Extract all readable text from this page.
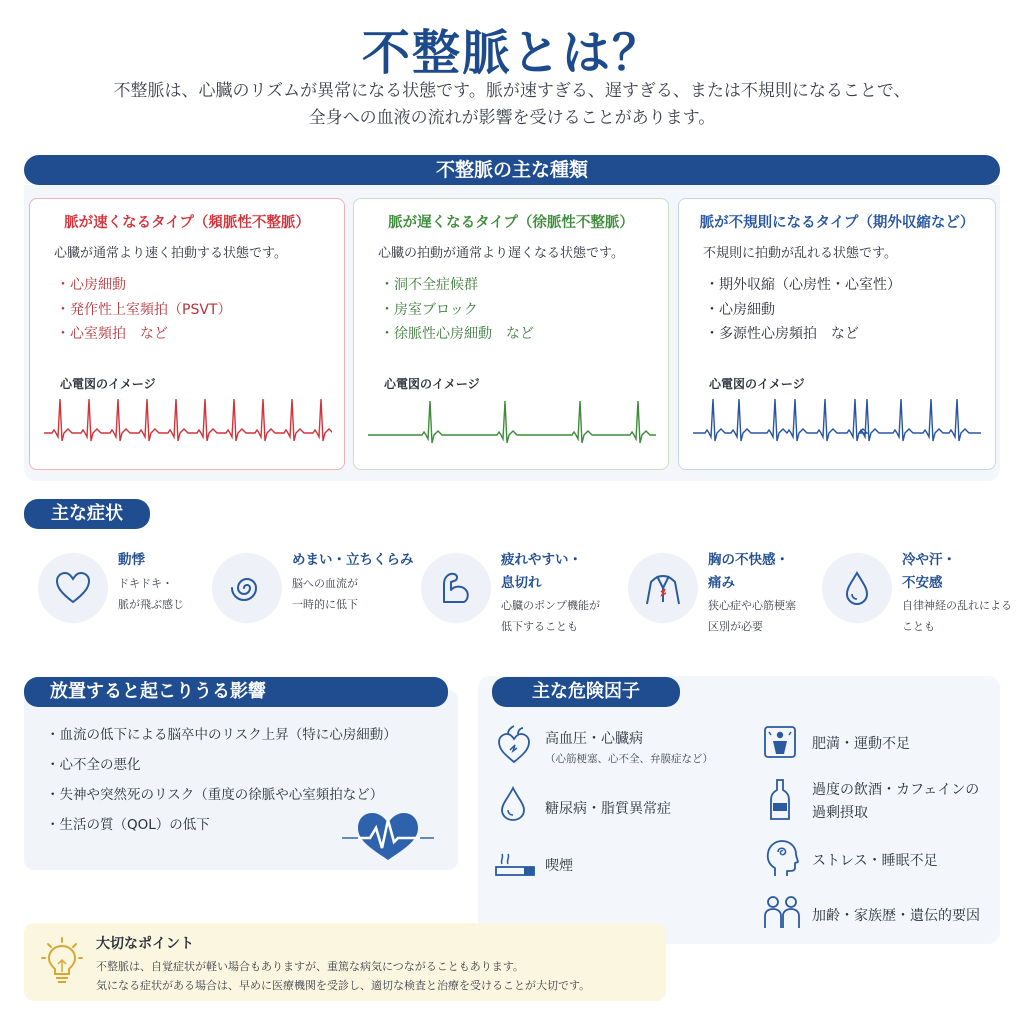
不整脈とは？
不整脈は、心臓のリズムが異常になる状態です。脈が速すぎる、遅すぎる、または不規則になることで、
全身への血液の流れが影響を受けることがあります。
不整脈の主な種類
脈が速くなるタイプ（頻脈性不整脈）
心臓が通常より速く拍動する状態です。
・ 心房細動
・ 発作性上室頻拍（PSVT）
・ 心室頻拍　など
心電図のイメージ
脈が遅くなるタイプ（徐脈性不整脈）
心臓の拍動が通常より遅くなる状態です。
・ 洞不全症候群
・ 房室ブロック
・ 徐脈性心房細動　など
心電図のイメージ
脈が不規則になるタイプ（期外収縮など）
不規則に拍動が乱れる状態です。
・ 期外収縮（心房性・心室性）
・ 心房細動
・ 多源性心房頻拍　など
心電図のイメージ
主な症状
動悸
ドキドキ・
脈が飛ぶ感じ
めまい・立ちくらみ
脳への血流が
一時的に低下
疲れやすい・
息切れ
心臓のポンプ機能が
低下することも
胸の不快感・
痛み
狭心症や心筋梗塞
区別が必要
冷や汗・
不安感
自律神経の乱れによる
ことも
放置すると起こりうる影響
・ 血流の低下による脳卒中のリスク上昇（特に心房細動）
・ 心不全の悪化
・ 失神や突然死のリスク（重度の徐脈や心室頻拍など）
・ 生活の質（QOL）の低下
主な危険因子
高血圧・心臓病
（心筋梗塞、心不全、弁膜症など）
糖尿病・脂質異常症
喫煙
肥満・運動不足
過度の飲酒・カフェインの
過剰摂取
ストレス・睡眠不足
加齢・家族歴・遺伝的要因
大切なポイント
不整脈は、自覚症状が軽い場合もありますが、重篤な病気につながることもあります。
気になる症状がある場合は、早めに医療機関を受診し、適切な検査と治療を受けることが大切です。
